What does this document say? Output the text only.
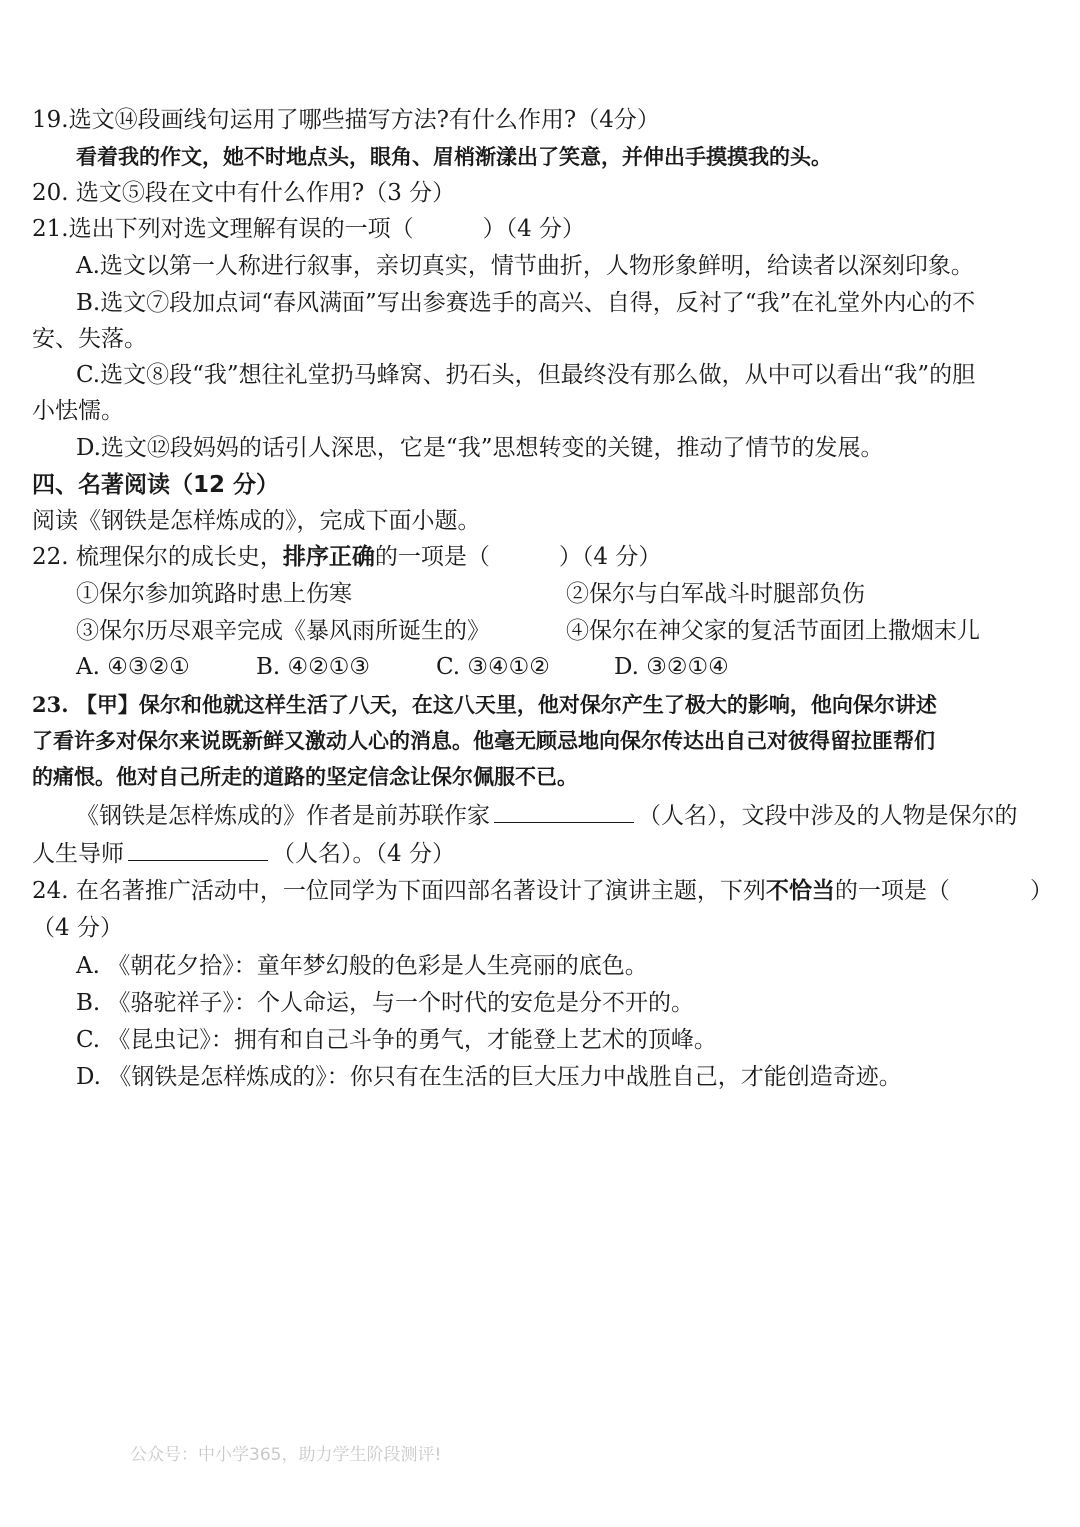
19.选文⑭段画线句运用了哪些描写方法?有什么作用?（4分）
看着我的作文，她不时地点头，眼角、眉梢渐漾出了笑意，并伸出手摸摸我的头。
20. 选文⑤段在文中有什么作用?（3 分）
21.选出下列对选文理解有误的一项（　　　）（4 分）
A.选文以第一人称进行叙事，亲切真实，情节曲折，人物形象鲜明，给读者以深刻印象。
B.选文⑦段加点词“春风满面”写出参赛选手的高兴、自得，反衬了“我”在礼堂外内心的不
安、失落。
C.选文⑧段“我”想往礼堂扔马蜂窝、扔石头，但最终没有那么做，从中可以看出“我”的胆
小怯懦。
D.选文⑫段妈妈的话引人深思，它是“我”思想转变的关键，推动了情节的发展。
四、名著阅读（12 分）
阅读《钢铁是怎样炼成的》，完成下面小题。
22. 梳理保尔的成长史，排序正确的一项是（　　　）（4 分）
①保尔参加筑路时患上伤寒	②保尔与白军战斗时腿部负伤
③保尔历尽艰辛完成《暴风雨所诞生的》	④保尔在神父家的复活节面团上撒烟末儿
A. ④③②①	B. ④②①③	C. ③④①②	D. ③②①④
23. 【甲】保尔和他就这样生活了八天，在这八天里，他对保尔产生了极大的影响，他向保尔讲述
了看许多对保尔来说既新鲜又激动人心的消息。他毫无顾忌地向保尔传达出自己对彼得留拉匪帮们
的痛恨。他对自己所走的道路的坚定信念让保尔佩服不已。
《钢铁是怎样炼成的》作者是前苏联作家	（人名），文段中涉及的人物是保尔的
人生导师	（人名）。（4 分）
24. 在名著推广活动中，一位同学为下面四部名著设计了演讲主题，下列不恰当的一项是（	）
（4 分）
A. 《朝花夕拾》：童年梦幻般的色彩是人生亮丽的底色。
B. 《骆驼祥子》：个人命运，与一个时代的安危是分不开的。
C. 《昆虫记》：拥有和自己斗争的勇气，才能登上艺术的顶峰。
D. 《钢铁是怎样炼成的》：你只有在生活的巨大压力中战胜自己，才能创造奇迹。
公众号：中小学365，助力学生阶段测评!
